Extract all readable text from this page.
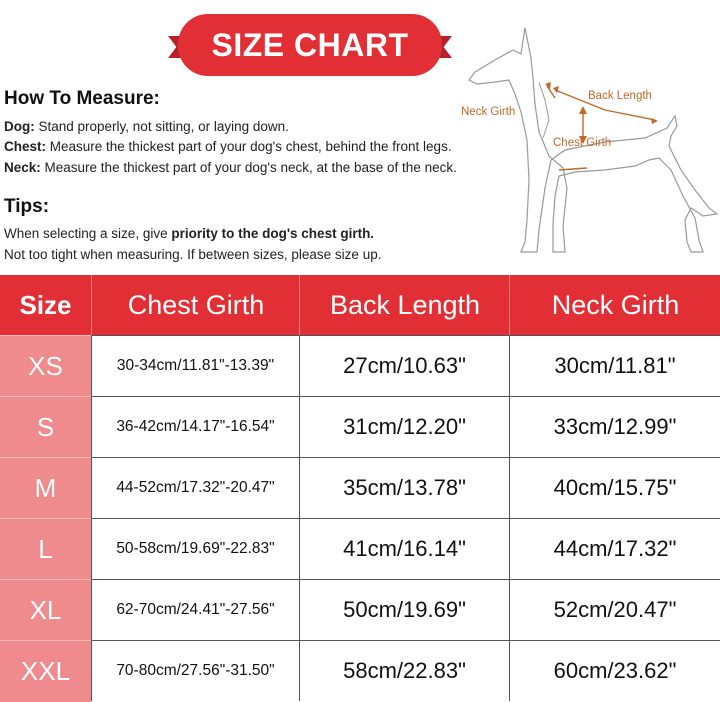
SIZE CHART
How To Measure:
Dog: Stand properly, not sitting, or laying down.
Chest: Measure the thickest part of your dog's chest, behind the front legs.
Neck: Measure the thickest part of your dog's neck, at the base of the neck.
Tips:
When selecting a size, give priority to the dog's chest girth.
Not too tight when measuring. If between sizes, please size up.
Neck Girth
Back Length
Chest Girth
Size	Chest Girth	Back Length	Neck Girth
XS	30-34cm/11.81"-13.39"	27cm/10.63"	30cm/11.81"
S	36-42cm/14.17"-16.54"	31cm/12.20"	33cm/12.99"
M	44-52cm/17.32"-20.47"	35cm/13.78"	40cm/15.75"
L	50-58cm/19.69"-22.83"	41cm/16.14"	44cm/17.32"
XL	62-70cm/24.41"-27.56"	50cm/19.69"	52cm/20.47"
XXL	70-80cm/27.56"-31.50"	58cm/22.83"	60cm/23.62"
